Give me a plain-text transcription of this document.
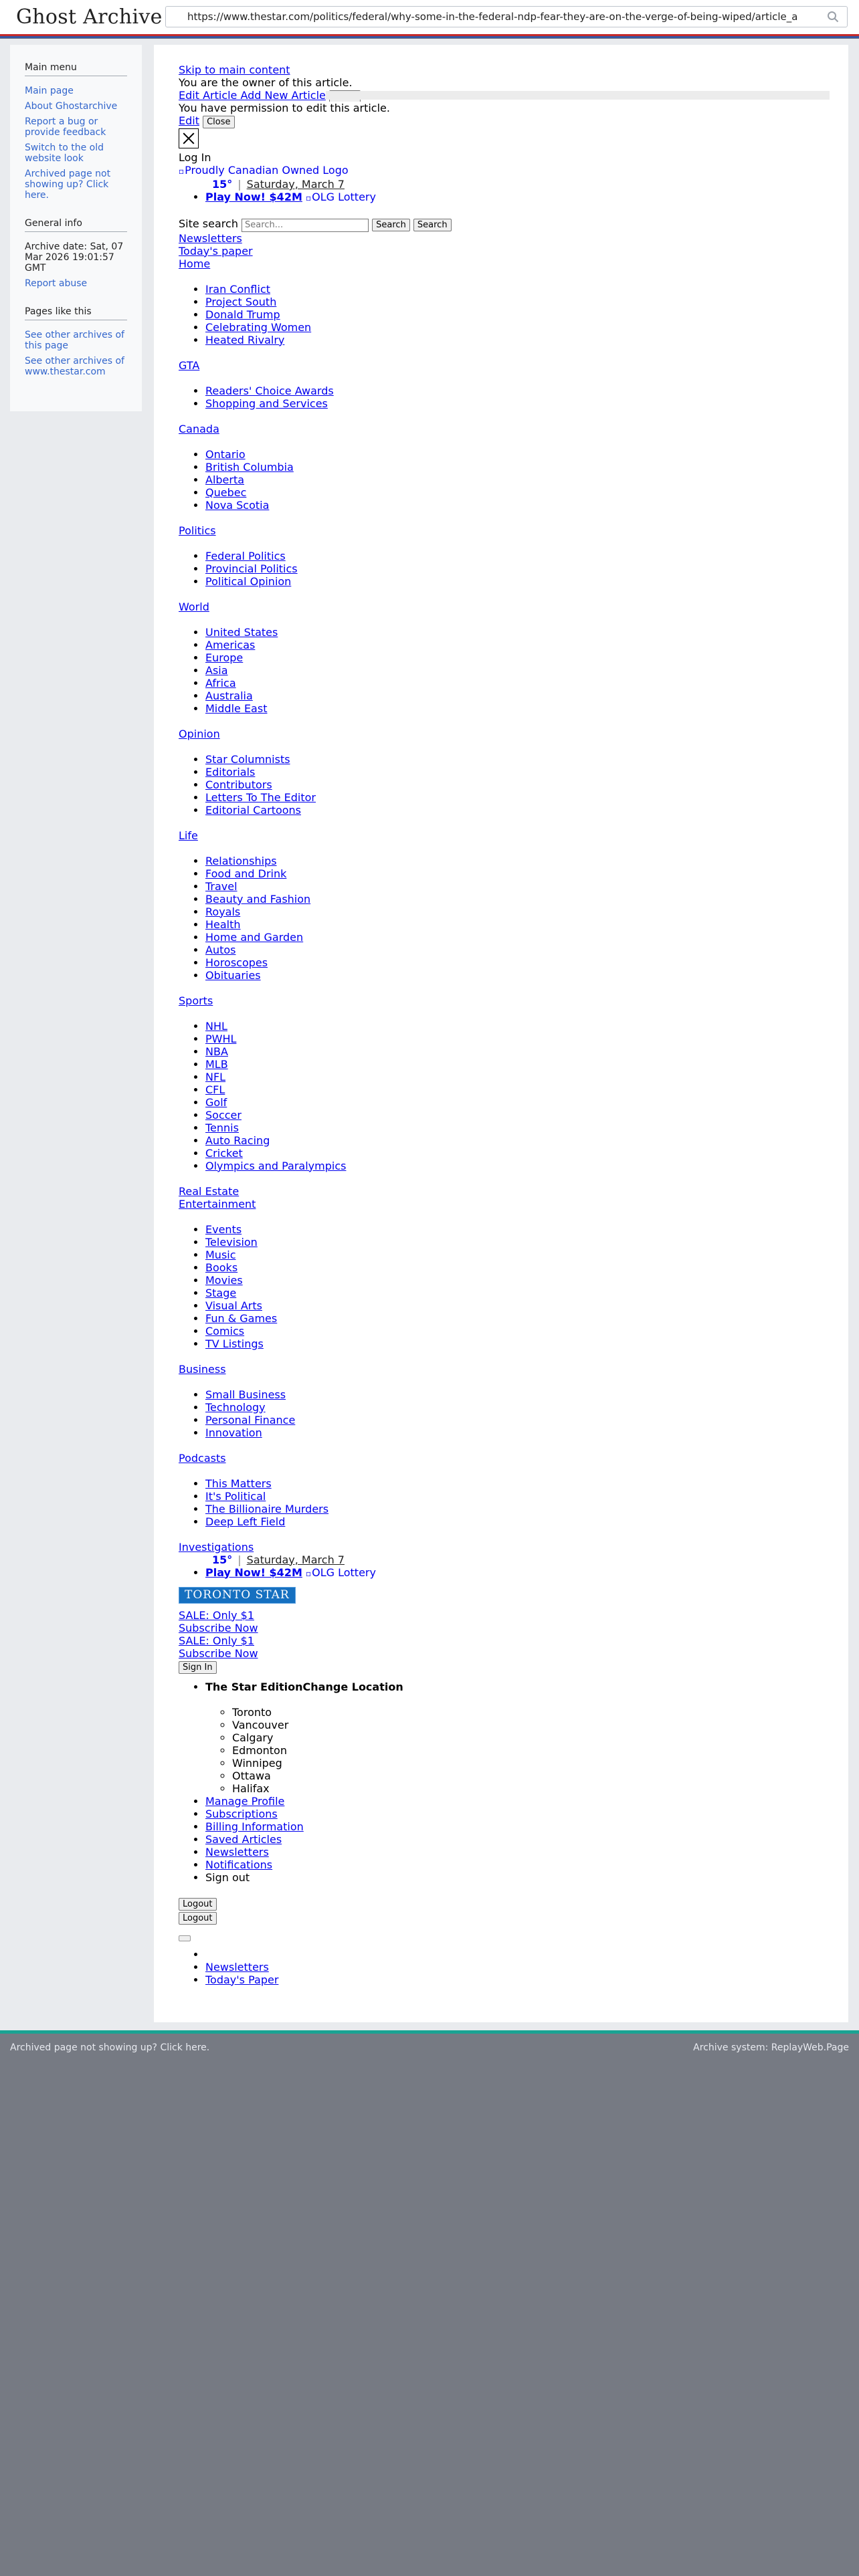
Ghost Archive
https://www.thestar.com/politics/federal/why-some-in-the-federal-ndp-fear-they-are-on-the-verge-of-being-wiped/article_a
Main menu
Main page
About Ghostarchive
Report a bug or provide feedback
Switch to the old website look
Archived page not showing up? Click here.
General info
Archive date: Sat, 07 Mar 2026 19:01:57 GMT
Report abuse
Pages like this
See other archives of this page
See other archives of www.thestar.com
Skip to main content
You are the owner of this article.
Edit Article Add New Article
You have permission to edit this article.
Edit Close
Log In
▫ Proudly Canadian Owned Logo
15° | Saturday, March 7
• Play Now! $42M ▫ OLG Lottery
Site search Search...	Search Search
Newsletters
Today's paper
Home
• Iran Conflict
• Project South
• Donald Trump
• Celebrating Women
• Heated Rivalry
GTA
• Readers' Choice Awards
• Shopping and Services
Canada
• Ontario
• British Columbia
• Alberta
• Quebec
• Nova Scotia
Politics
• Federal Politics
• Provincial Politics
• Political Opinion
World
• United States
• Americas
• Europe
• Asia
• Africa
• Australia
• Middle East
Opinion
• Star Columnists
• Editorials
• Contributors
• Letters To The Editor
• Editorial Cartoons
Life
• Relationships
• Food and Drink
• Travel
• Beauty and Fashion
• Royals
• Health
• Home and Garden
• Autos
• Horoscopes
• Obituaries
Sports
• NHL
• PWHL
• NBA
• MLB
• NFL
• CFL
• Golf
• Soccer
• Tennis
• Auto Racing
• Cricket
• Olympics and Paralympics
Real Estate
Entertainment
• Events
• Television
• Music
• Books
• Movies
• Stage
• Visual Arts
• Fun & Games
• Comics
• TV Listings
Business
• Small Business
• Technology
• Personal Finance
• Innovation
Podcasts
• This Matters
• It's Political
• The Billionaire Murders
• Deep Left Field
Investigations
15° | Saturday, March 7
• Play Now! $42M ▫ OLG Lottery
TORONTO STAR
SALE: Only $1
Subscribe Now
SALE: Only $1
Subscribe Now
Sign In
• The Star EditionChange Location
◦ Toronto
◦ Vancouver
◦ Calgary
◦ Edmonton
◦ Winnipeg
◦ Ottawa
◦ Halifax
• Manage Profile
• Subscriptions
• Billing Information
• Saved Articles
• Newsletters
• Notifications
• Sign out
Logout
Logout
•
• Newsletters
• Today's Paper
Archived page not showing up? Click here.	Archive system: ReplayWeb.Page
